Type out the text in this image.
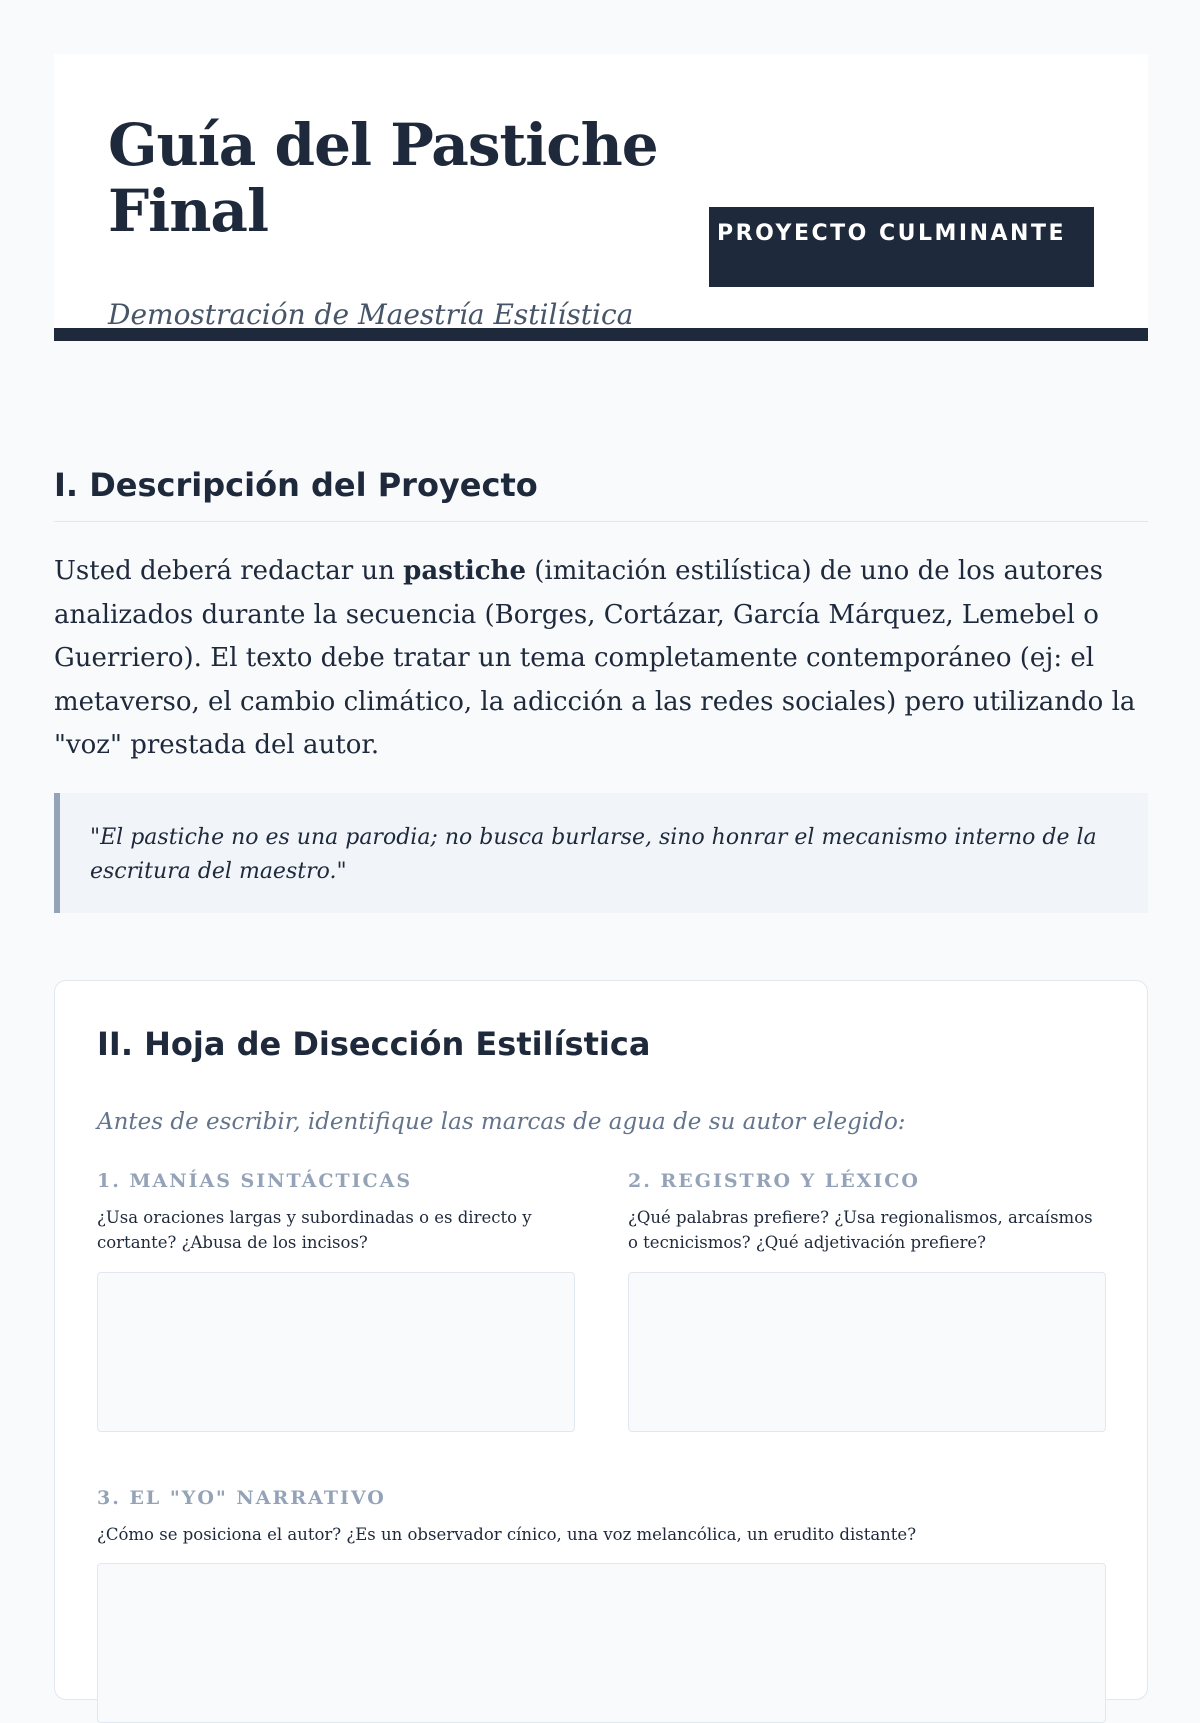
Guía del Pastiche Final

Demostración de Maestría Estilística

PROYECTO CULMINANTE
I. Descripción del Proyecto

Usted deberá redactar un pastiche (imitación estilística) de uno de los autores analizados durante la secuencia (Borges, Cortázar, García Márquez, Lemebel o Guerriero). El texto debe tratar un tema completamente contemporáneo (ej: el metaverso, el cambio climático, la adicción a las redes sociales) pero utilizando la "voz" prestada del autor.

"El pastiche no es una parodia; no busca burlarse, sino honrar el mecanismo interno de la escritura del maestro."
II. Hoja de Disección Estilística

Antes de escribir, identifique las marcas de agua de su autor elegido:

1. MANÍAS SINTÁCTICAS

¿Usa oraciones largas y subordinadas o es directo y cortante? ¿Abusa de los incisos?

2. REGISTRO Y LÉXICO

¿Qué palabras prefiere? ¿Usa regionalismos, arcaísmos o tecnicismos? ¿Qué adjetivación prefiere?

3. EL "YO" NARRATIVO

¿Cómo se posiciona el autor? ¿Es un observador cínico, una voz melancólica, un erudito distante?
